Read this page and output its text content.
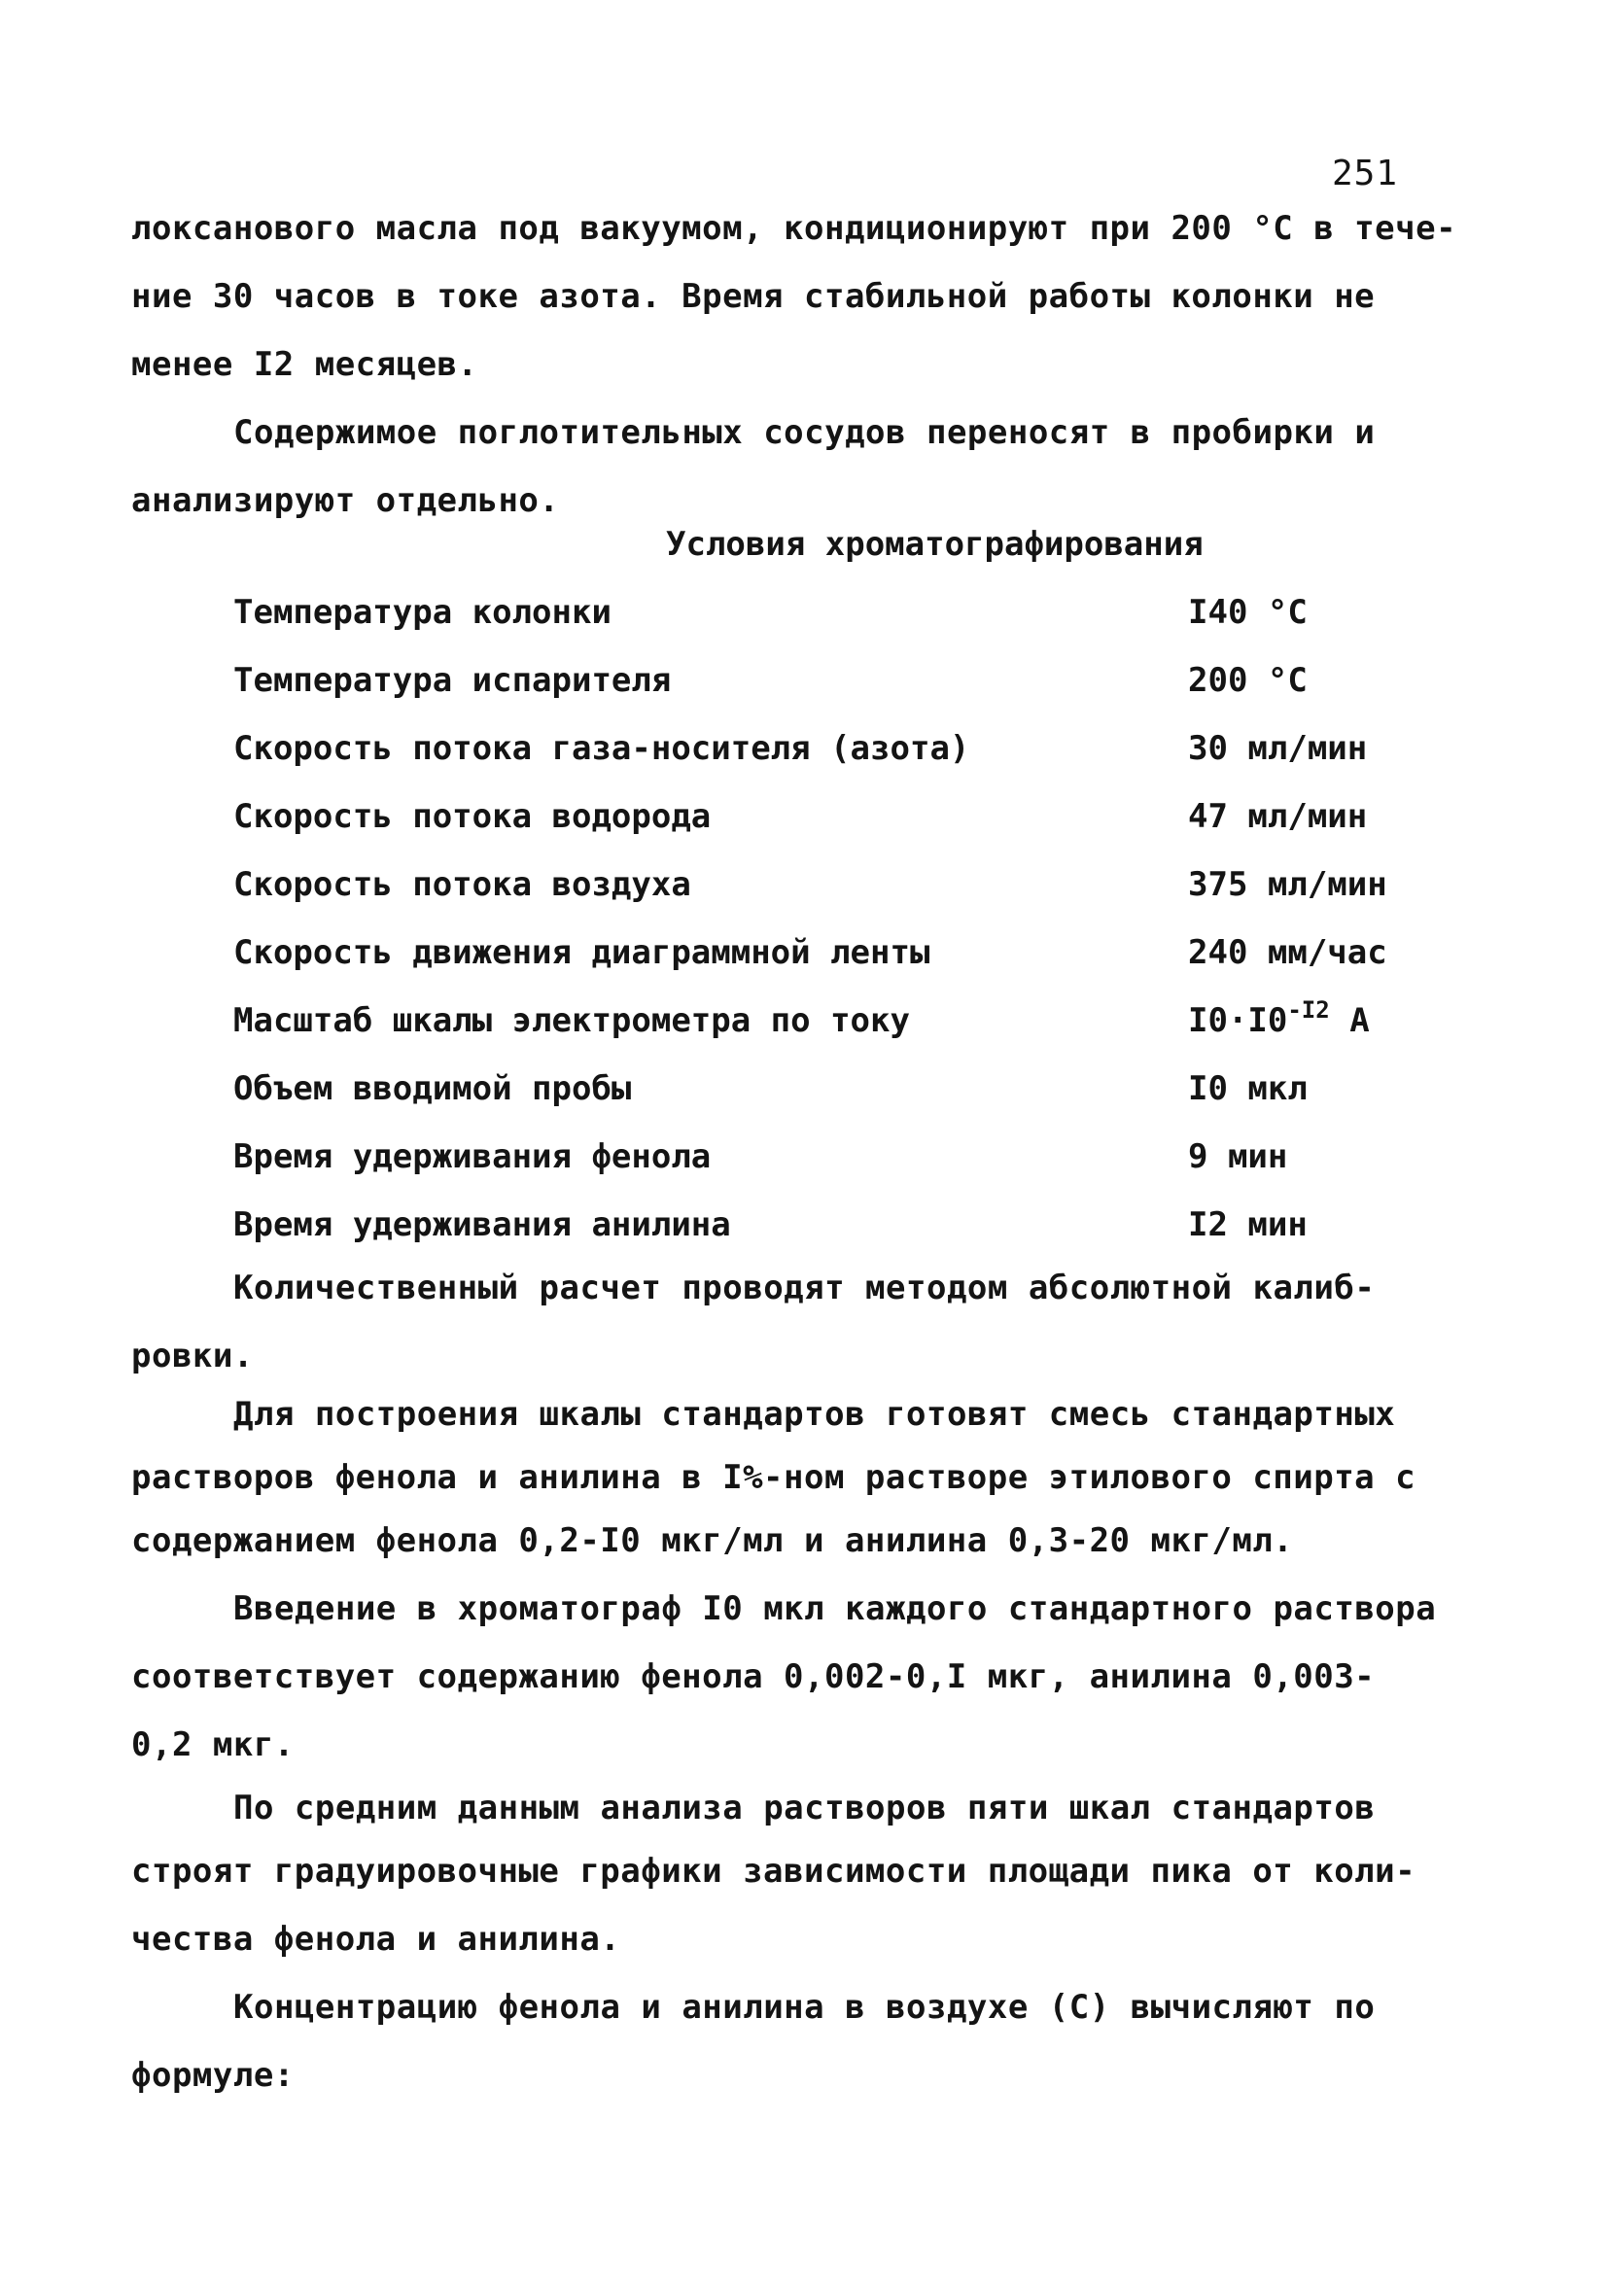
251
локсанового масла под вакуумом, кондиционируют при 200 °С в тече-
ние 30 часов в токе азота. Время стабильной работы колонки не
менее I2 месяцев.
Содержимое поглотительных сосудов переносят в пробирки и
анализируют отдельно.
Условия хроматографирования
Температура колонки	I40 °С
Температура испарителя	200 °С
Скорость потока газа-носителя (азота)	30 мл/мин
Скорость потока водорода	47 мл/мин
Скорость потока воздуха	375 мл/мин
Скорость движения диаграммной ленты	240 мм/час
Масштаб шкалы электрометра по току	$I0\cdot I0^{-I2}$ А
Объем вводимой пробы	I0 мкл
Время удерживания фенола	9 мин
Время удерживания анилина	I2 мин
Количественный расчет проводят методом абсолютной калиб-
ровки.
Для построения шкалы стандартов готовят смесь стандартных
растворов фенола и анилина в I%-ном растворе этилового спирта с
содержанием фенола 0,2-I0 мкг/мл и анилина 0,3-20 мкг/мл.
Введение в хроматограф I0 мкл каждого стандартного раствора
соответствует содержанию фенола 0,002-0,I мкг, анилина 0,003-
0,2 мкг.
По средним данным анализа растворов пяти шкал стандартов
строят градуировочные графики зависимости площади пика от коли-
чества фенола и анилина.
Концентрацию фенола и анилина в воздухе (С) вычисляют по
формуле:
